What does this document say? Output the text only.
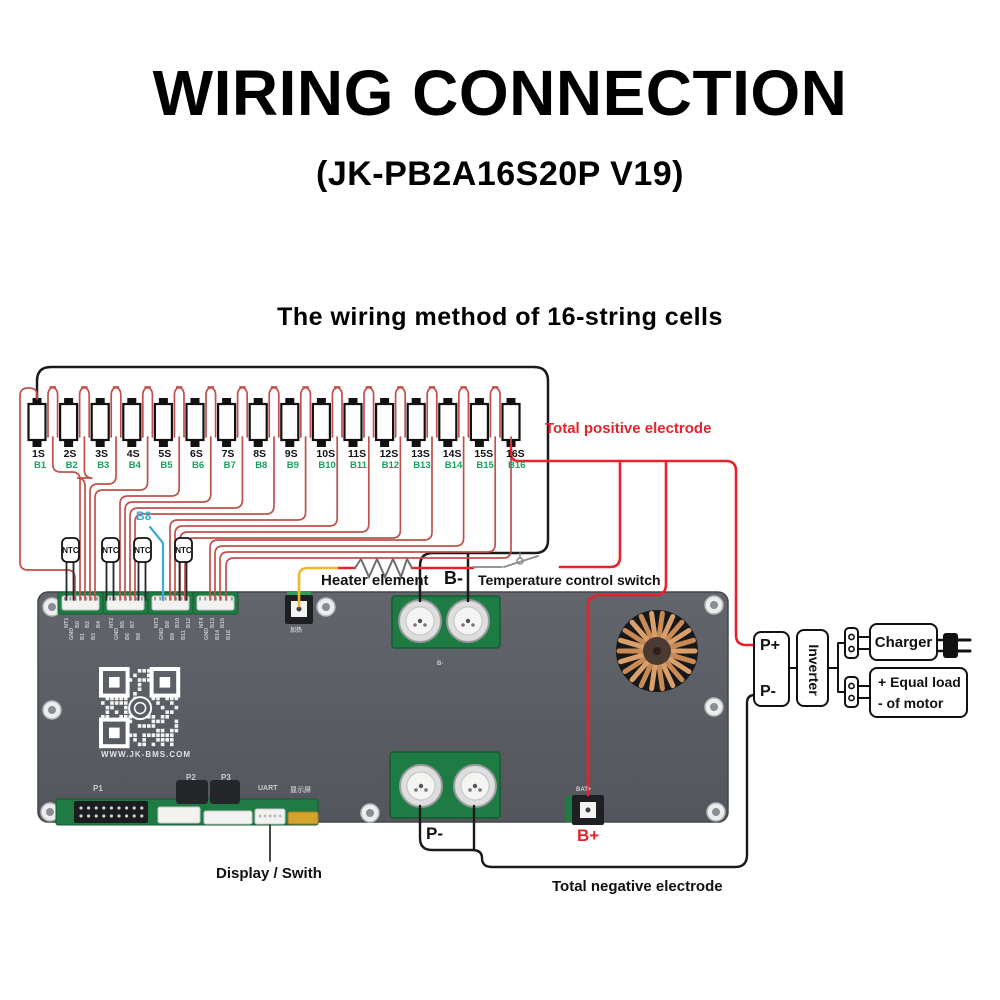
WIRING CONNECTION
(JK-PB2A16S20P V19)
The wiring method of 16-string cells
Total positive electrode
Heater element B- Temperature control switch
B8
B+
P-
Display / Swith
Total negative electrode
WWW.JK-BMS.COM
P1
P2	P3
UART 显示屏	BAT+
B-
加热
P+
P- Inverter
Charger
+ Equal load
- of motor
1S
B1
2S
B2
3S
B3
4S
B4
5S
B5
6S
B6
7S
B7
8S
B8
9S
B9
10S
B10
11S
B11
12S
B12
13S
B13
14S
B14
15S
B15
16S
B16
NTC	NTC NTC	NTC
NT1
GND
B0
B1
B2
B3
B4 NT2
GND
B5
B6
B7
B8
NT3
GND
B8
B9
B10
B11
B12 NT4
GND
B13
B14
B15
B16
